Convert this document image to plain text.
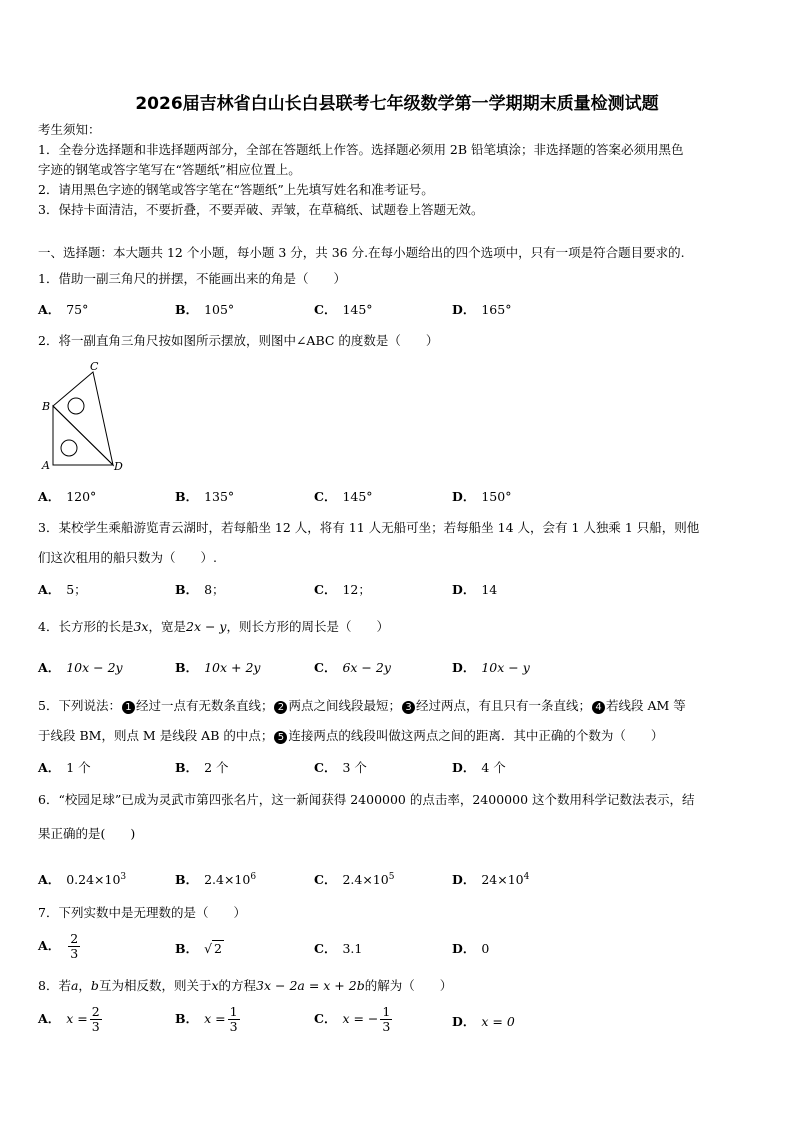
2026届吉林省白山长白县联考七年级数学第一学期期末质量检测试题
考生须知：
1．全卷分选择题和非选择题两部分，全部在答题纸上作答。选择题必须用 2B 铅笔填涂；非选择题的答案必须用黑色
字迹的钢笔或答字笔写在“答题纸”相应位置上。
2．请用黑色字迹的钢笔或答字笔在“答题纸”上先填写姓名和准考证号。
3．保持卡面清洁，不要折叠，不要弄破、弄皱，在草稿纸、试题卷上答题无效。
一、选择题：本大题共 12 个小题，每小题 3 分，共 36 分.在每小题给出的四个选项中，只有一项是符合题目要求的.
1．借助一副三角尺的拼摆，不能画出来的角是（　　）
A． 75°	B． 105°	C． 145°	D． 165°
2．将一副直角三角尺按如图所示摆放，则图中∠ABC 的度数是（　　）
C
B
A	D
A． 120°	B． 135°	C． 145°	D． 150°
3．某校学生乘船游览青云湖时，若每船坐 12 人，将有 11 人无船可坐；若每船坐 14 人，会有 1 人独乘 1 只船，则他
们这次租用的船只数为（　　）.
A． 5；	B． 8；	C． 12；	D． 14
4．长方形的长是3x，宽是2x − y，则长方形的周长是（　　）
A． 10x − 2y	B． 10x + 2y	C． 6x − 2y	D． 10x − y
5．下列说法： 1 经过一点有无数条直线； 2 两点之间线段最短； 3 经过两点，有且只有一条直线； 4 若线段 AM 等
于线段 BM，则点 M 是线段 AB 的中点； 5 连接两点的线段叫做这两点之间的距离．其中正确的个数为（　　）
A． 1 个	B． 2 个	C． 3 个	D． 4 个
6．“校园足球”已成为灵武市第四张名片，这一新闻获得 2400000 的点击率，2400000 这个数用科学记数法表示，结
果正确的是(　　)
A． $0.24\times 10^3$	B． $2.4\times 10^6$	C． $2.4\times 10^5$	D． $24\times 10^4$
7．下列实数中是无理数的是（　　）
A． $\frac{2}{3}$	B． √ 2	C． 3.1	D． 0
8．若a，b互为相反数，则关于x的方程3x − 2a = x + 2b的解为（　　）
A． $x = \frac{2}{3}$	B． $x = \frac{1}{3}$	C． x = − $\frac{1}{3}$	D． x = 0
